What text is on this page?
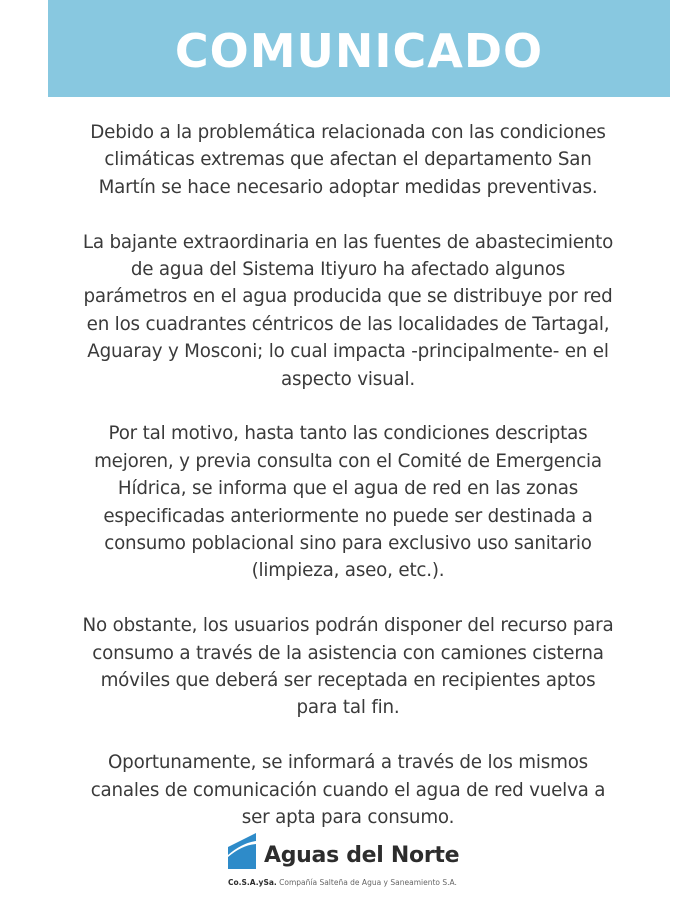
COMUNICADO

Debido a la problemática relacionada con las condiciones
climáticas extremas que afectan el departamento San
Martín se hace necesario adoptar medidas preventivas.

La bajante extraordinaria en las fuentes de abastecimiento
de agua del Sistema Itiyuro ha afectado algunos
parámetros en el agua producida que se distribuye por red
en los cuadrantes céntricos de las localidades de Tartagal,
Aguaray y Mosconi; lo cual impacta -principalmente- en el
aspecto visual.

Por tal motivo, hasta tanto las condiciones descriptas
mejoren, y previa consulta con el Comité de Emergencia
Hídrica, se informa que el agua de red en las zonas
especificadas anteriormente no puede ser destinada a
consumo poblacional sino para exclusivo uso sanitario
(limpieza, aseo, etc.).

No obstante, los usuarios podrán disponer del recurso para
consumo a través de la asistencia con camiones cisterna
móviles que deberá ser receptada en recipientes aptos
para tal fin.

Oportunamente, se informará a través de los mismos
canales de comunicación cuando el agua de red vuelva a
ser apta para consumo.

Aguas del Norte
Co.S.A.ySa. Compañía Salteña de Agua y Saneamiento S.A.
